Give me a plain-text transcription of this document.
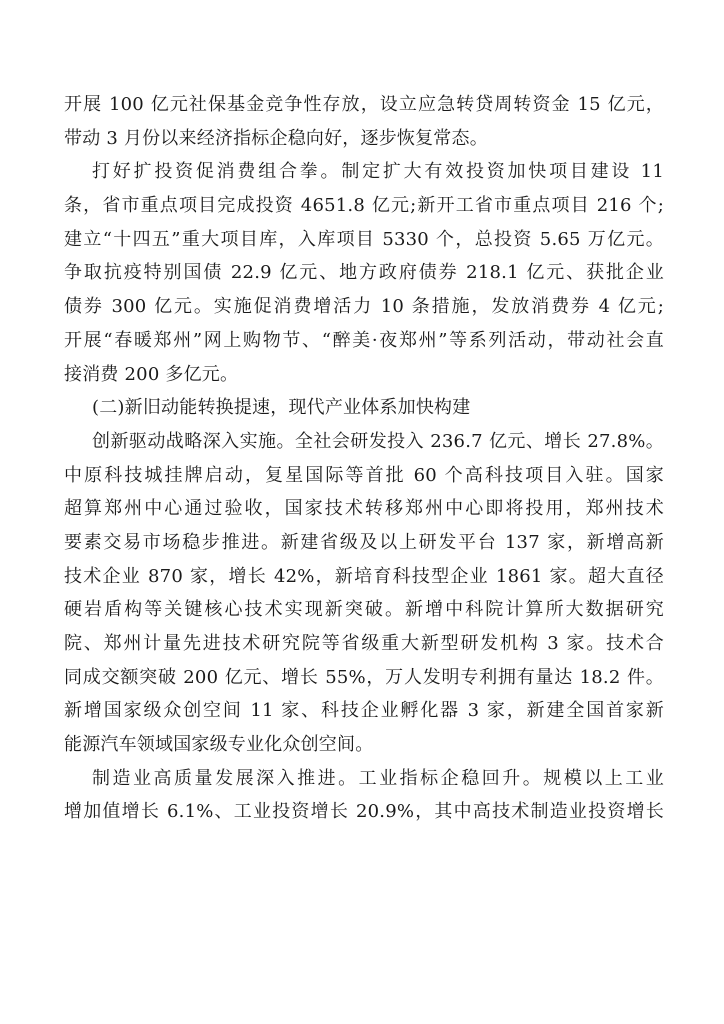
开展 100 亿元社保基金竞争性存放，设立应急转贷周转资金 15 亿元，
带动 3 月份以来经济指标企稳向好，逐步恢复常态。
打好扩投资促消费组合拳。制定扩大有效投资加快项目建设 11
条，省市重点项目完成投资 4651.8 亿元;新开工省市重点项目 216 个;
建立“十四五”重大项目库，入库项目 5330 个，总投资 5.65 万亿元。
争取抗疫特别国债 22.9 亿元、地方政府债券 218.1 亿元、获批企业
债券 300 亿元。实施促消费增活力 10 条措施，发放消费券 4 亿元;
开展“春暖郑州”网上购物节、“醉美·夜郑州”等系列活动，带动社会直
接消费 200 多亿元。
(二)新旧动能转换提速，现代产业体系加快构建
创新驱动战略深入实施。全社会研发投入 236.7 亿元、增长 27.8%。
中原科技城挂牌启动，复星国际等首批 60 个高科技项目入驻。国家
超算郑州中心通过验收，国家技术转移郑州中心即将投用，郑州技术
要素交易市场稳步推进。新建省级及以上研发平台 137 家，新增高新
技术企业 870 家，增长 42%，新培育科技型企业 1861 家。超大直径
硬岩盾构等关键核心技术实现新突破。新增中科院计算所大数据研究
院、郑州计量先进技术研究院等省级重大新型研发机构 3 家。技术合
同成交额突破 200 亿元、增长 55%，万人发明专利拥有量达 18.2 件。
新增国家级众创空间 11 家、科技企业孵化器 3 家，新建全国首家新
能源汽车领域国家级专业化众创空间。
制造业高质量发展深入推进。工业指标企稳回升。规模以上工业
增加值增长 6.1%、工业投资增长 20.9%，其中高技术制造业投资增长
